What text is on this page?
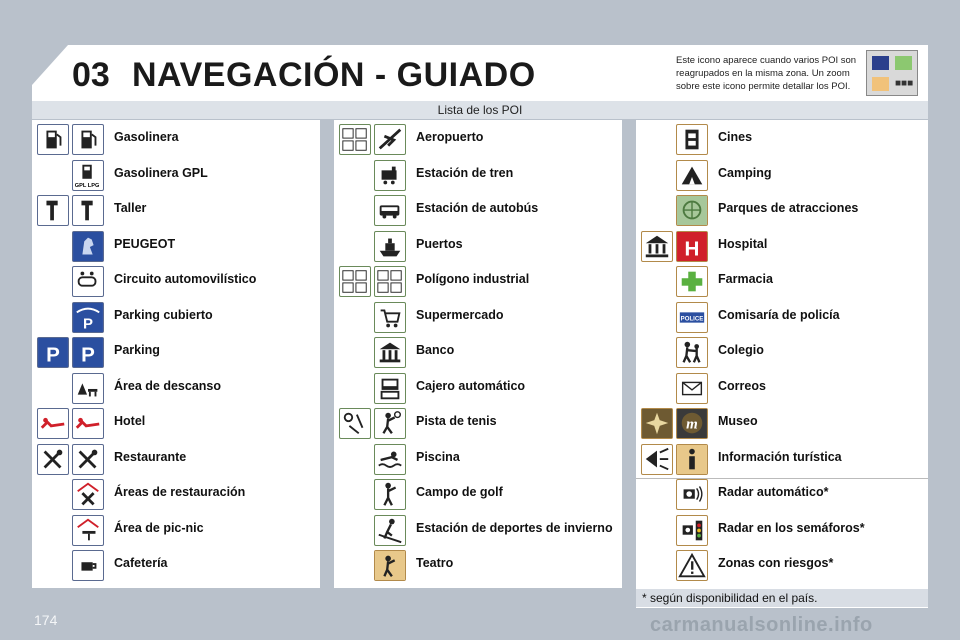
03 NAVEGACIÓN - GUIADO	Este icono aparece cuando varios POI son reagrupados en la misma zona. Un zoom sobre este icono permite detallar los POI.	■■■
Lista de los POI
Gasolinera
GPL LPG
Gasolinera GPL
Taller
PEUGEOT
Circuito automovilístico
P
Parking cubierto
P P Parking
Área de descanso
Hotel
Restaurante
Áreas de restauración
Área de pic-nic
Cafetería
Aeropuerto
Estación de tren
Estación de autobús
Puertos
Polígono industrial
Supermercado
Banco
Cajero automático
Pista de tenis
Piscina
Campo de golf
Estación de deportes de invierno
Teatro
Cines
Camping
Parques de atracciones
H Hospital
Farmacia
POLICE Comisaría de policía
Colegio
Correos
m Museo
Información turística
Radar automático*
Radar en los semáforos*
Zonas con riesgos*
* según disponibilidad en el país.
174	carmanualsonline.info
